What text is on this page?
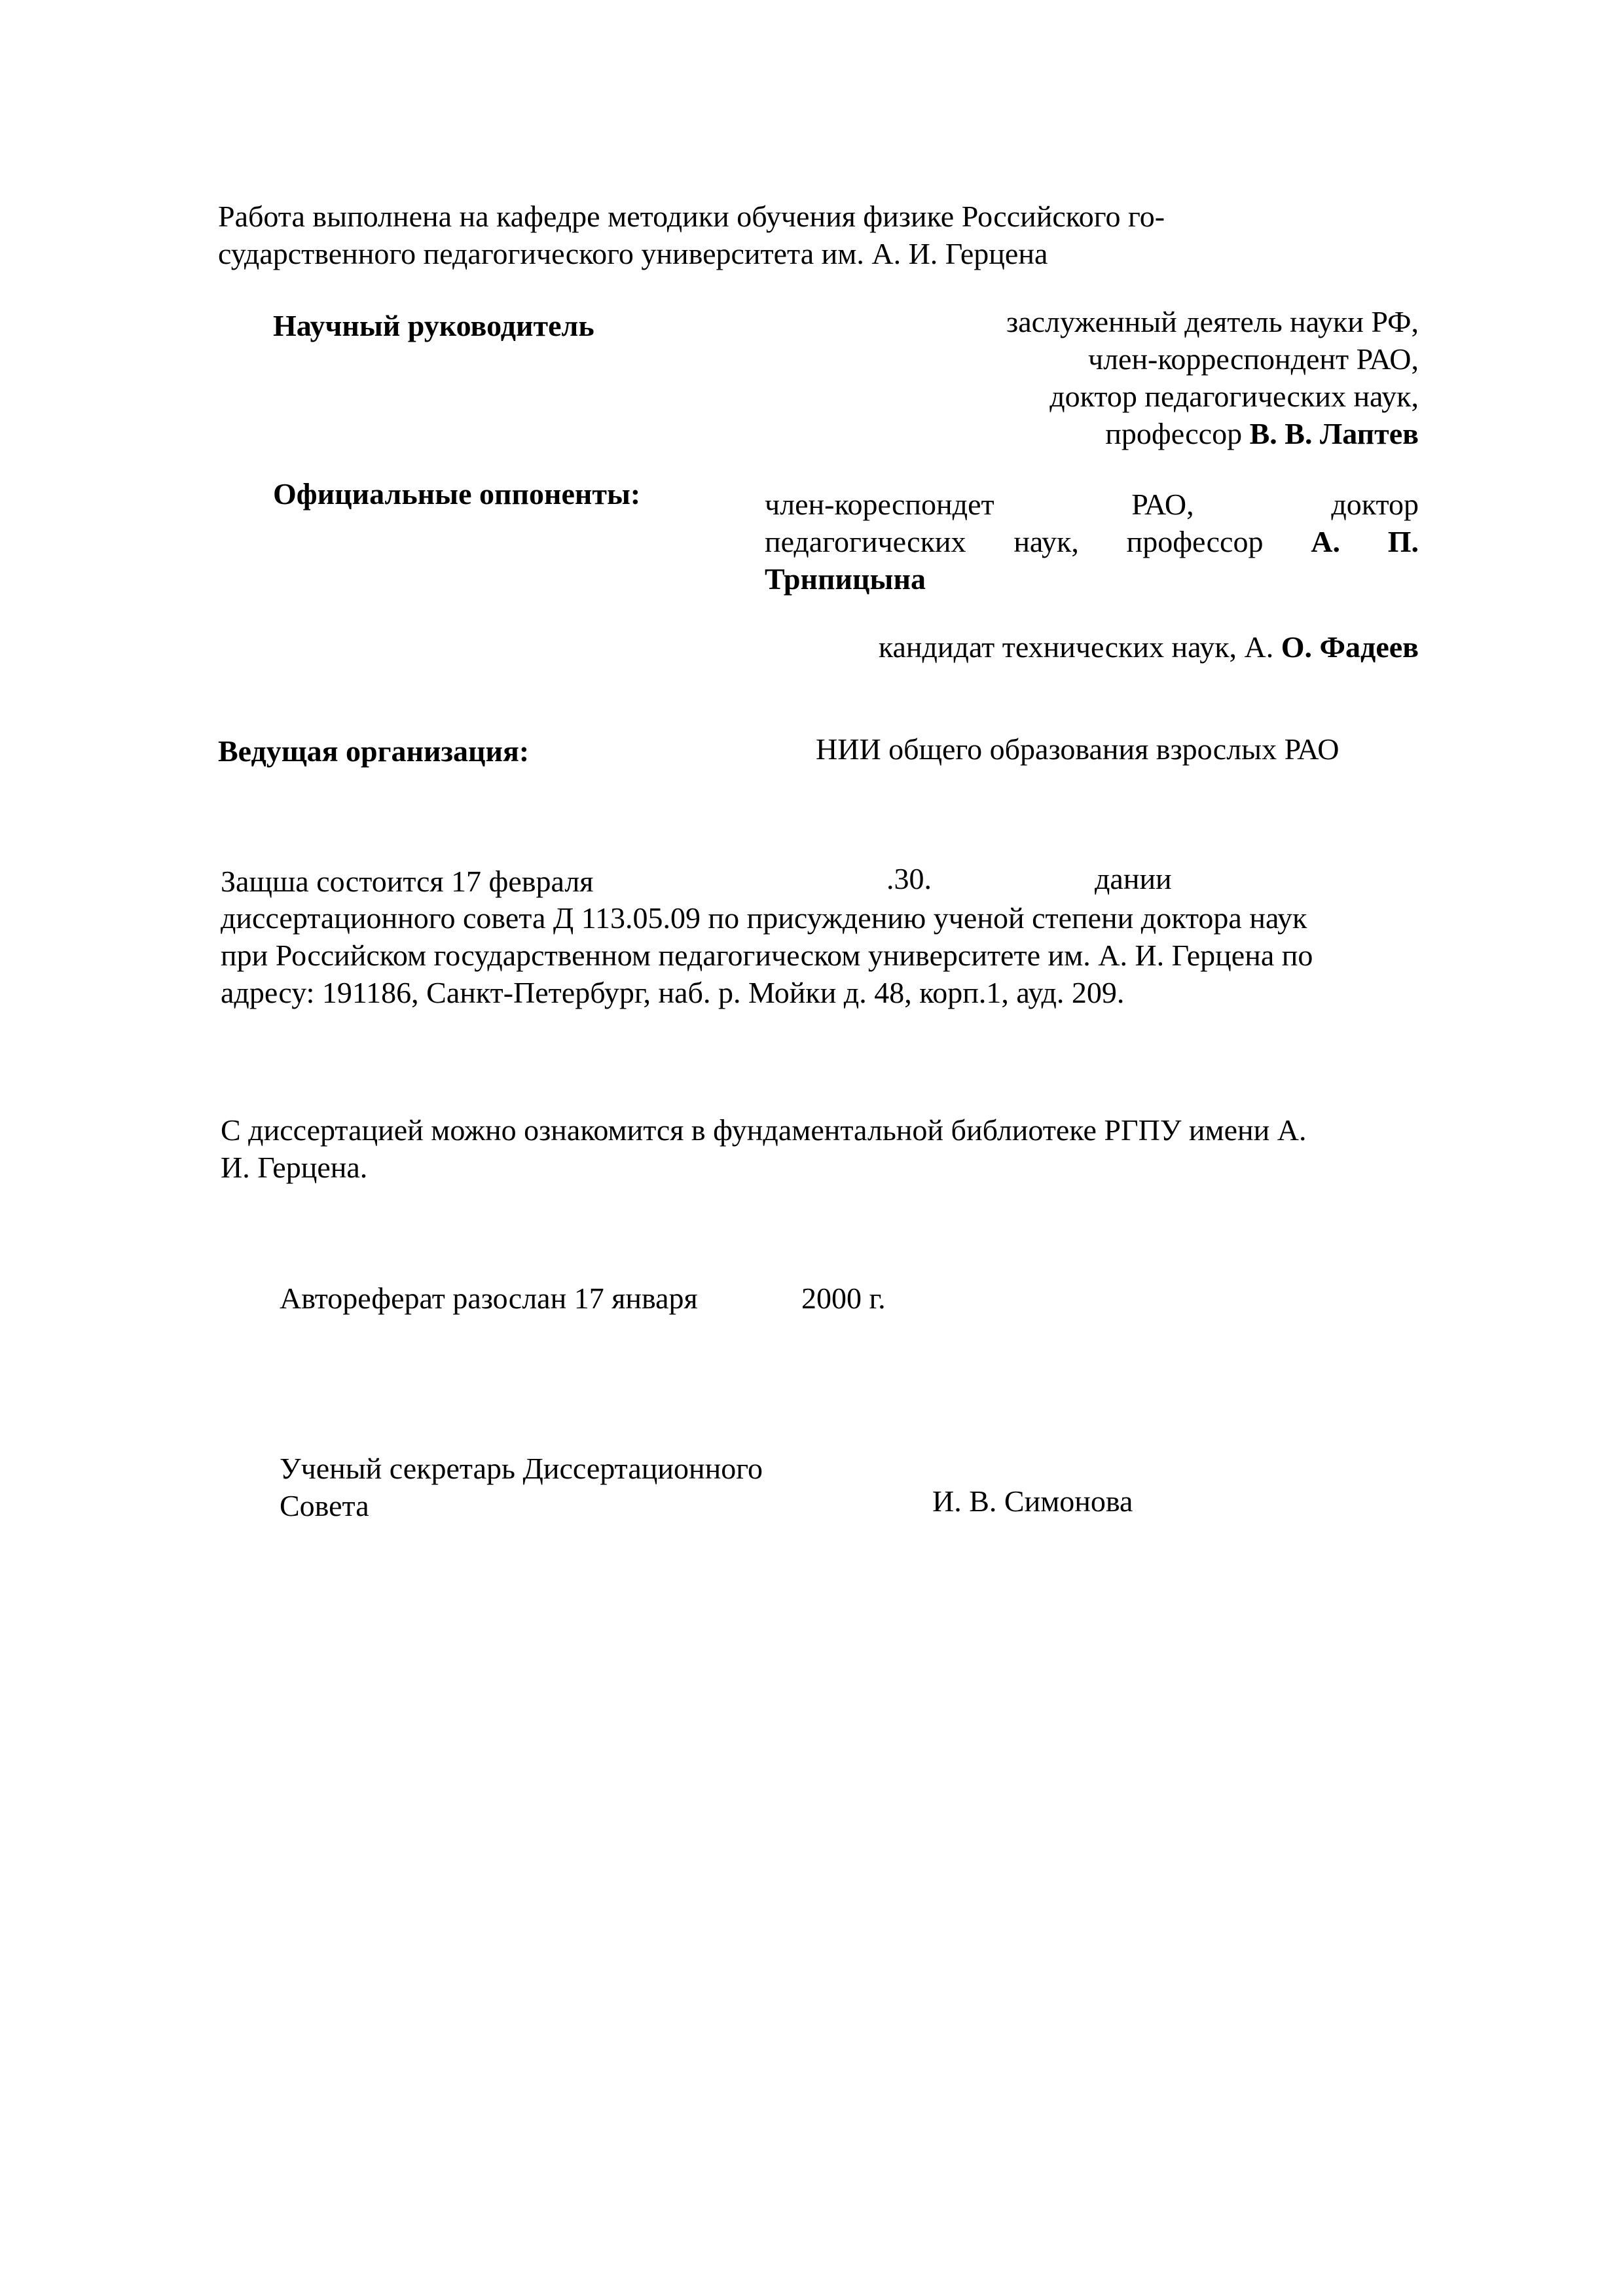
Работа выполнена на кафедре методики обучения физике Российского го-
сударственного педагогического университета им. А. И. Герцена
Научный руководитель	заслуженный деятель науки РФ,
член-корреспондент РАО,
доктор педагогических наук,
профессор В. В. Лаптев
Официальные оппоненты:	член-кореспондет	РАО,	доктор
педагогических наук, профессор А. П.
Трнпицына
кандидат технических наук, А. О. Фадеев
Ведущая организация:	НИИ общего образования взрослых РАО
Защша состоится 17 февраля	.30.	дании
диссертационного совета Д 113.05.09 по присуждению ученой степени доктора наук
при Российском государственном педагогическом университете им. А. И. Герцена по
адресу: 191186, Санкт-Петербург, наб. р. Мойки д. 48, корп.1, ауд. 209.
С диссертацией можно ознакомится в фундаментальной библиотеке РГПУ имени А.
И. Герцена.
Автореферат разослан 17 января	2000 г.
Ученый секретарь Диссертационного
Совета	И. В. Симонова
